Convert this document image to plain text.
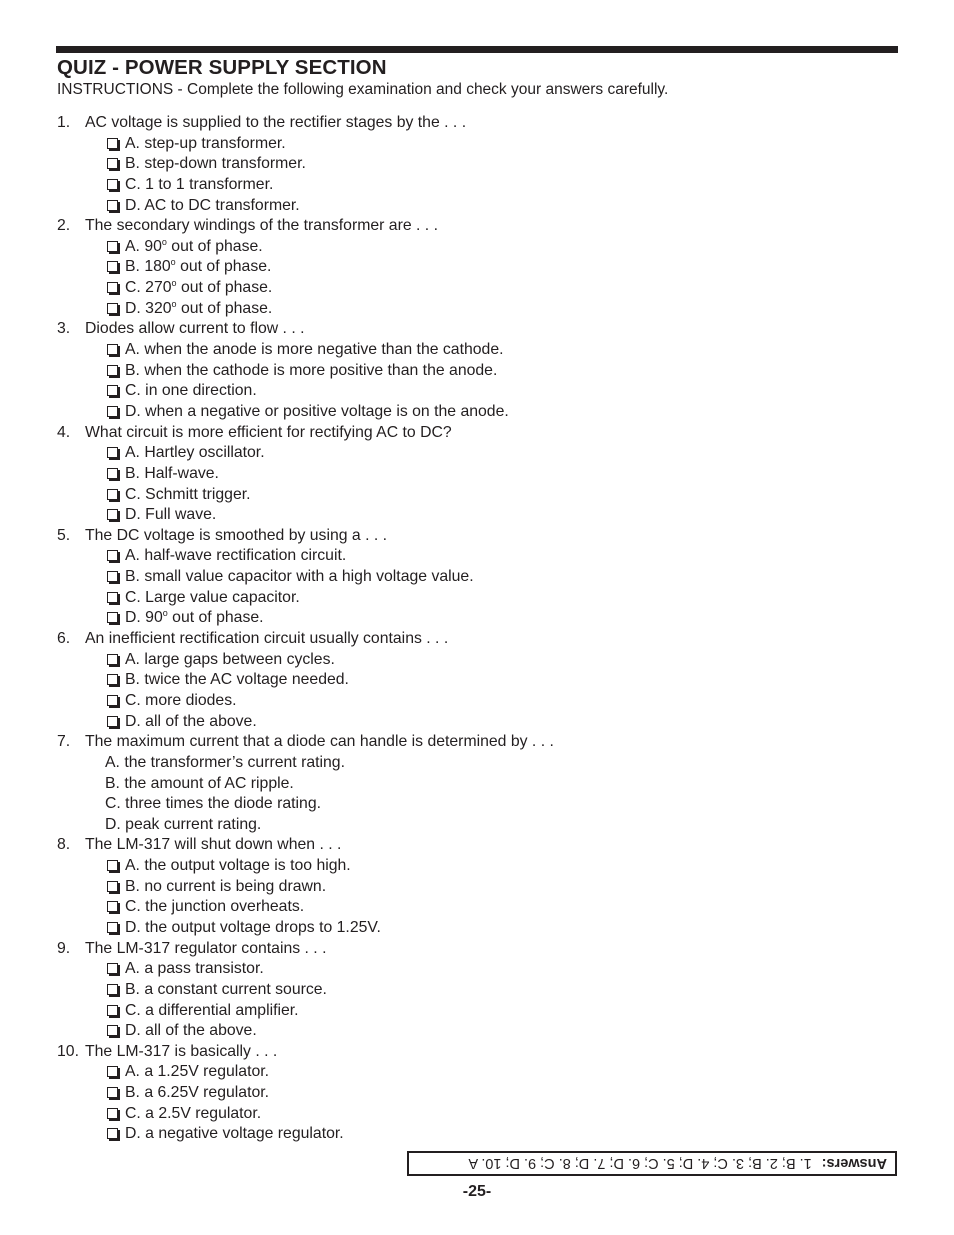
QUIZ - POWER SUPPLY SECTION
INSTRUCTIONS - Complete the following examination and check your answers carefully.
1. AC voltage is supplied to the rectifier stages by the . . .
A. step-up transformer.
B. step-down transformer.
C. 1 to 1 transformer.
D. AC to DC transformer.
2. The secondary windings of the transformer are . . .
A. 90$^o$ out of phase.
B. 180$^o$ out of phase.
C. 270$^o$ out of phase.
D. 320$^o$ out of phase.
3. Diodes allow current to flow . . .
A. when the anode is more negative than the cathode.
B. when the cathode is more positive than the anode.
C. in one direction.
D. when a negative or positive voltage is on the anode.
4. What circuit is more efficient for rectifying AC to DC?
A. Hartley oscillator.
B. Half-wave.
C. Schmitt trigger.
D. Full wave.
5. The DC voltage is smoothed by using a . . .
A. half-wave rectification circuit.
B. small value capacitor with a high voltage value.
C. Large value capacitor.
D. 90$^o$ out of phase.
6. An inefficient rectification circuit usually contains . . .
A. large gaps between cycles.
B. twice the AC voltage needed.
C. more diodes.
D. all of the above.
7. The maximum current that a diode can handle is determined by . . .
A. the transformer’s current rating.
B. the amount of AC ripple.
C. three times the diode rating.
D. peak current rating.
8. The LM-317 will shut down when . . .
A. the output voltage is too high.
B. no current is being drawn.
C. the junction overheats.
D. the output voltage drops to 1.25V.
9. The LM-317 regulator contains . . .
A. a pass transistor.
B. a constant current source.
C. a differential amplifier.
D. all of the above.
10. The LM-317 is basically . . .
A. a 1.25V regulator.
B. a 6.25V regulator.
C. a 2.5V regulator.
D. a negative voltage regulator.
Answers:
1. B; 2. B; 3. C; 4. D; 5. C; 6. D; 7. D; 8. C; 9. D; 10. A
-25-
